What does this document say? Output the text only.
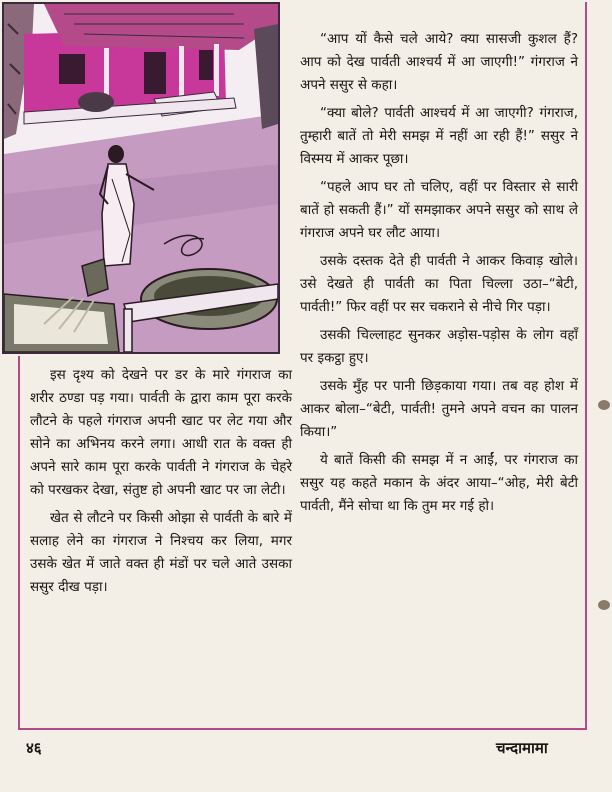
“आप यों कैसे चले आये? क्या सासजी कुशल हैं? आप को देख पार्वती आश्चर्य में आ जाएगी!” गंगराज ने अपने ससुर से कहा।

“क्या बोले? पार्वती आश्चर्य में आ जाएगी? गंगराज, तुम्हारी बातें तो मेरी समझ में नहीं आ रही हैं!” ससुर ने विस्मय में आकर पूछा।

“पहले आप घर तो चलिए, वहीं पर विस्तार से सारी बातें हो सकती हैं।” यों समझाकर अपने ससुर को साथ ले गंगराज अपने घर लौट आया।

उसके दस्तक देते ही पार्वती ने आकर किवाड़ खोले। उसे देखते ही पार्वती का पिता चिल्ला उठा–“बेटी, पार्वती!” फिर वहीं पर सर चकराने से नीचे गिर पड़ा।

उसकी चिल्लाहट सुनकर अड़ोस-पड़ोस के लोग वहाँ पर इकट्ठा हुए।

उसके मुँह पर पानी छिड़काया गया। तब वह होश में आकर बोला–“बेटी, पार्वती! तुमने अपने वचन का पालन किया।”

ये बातें किसी की समझ में न आईं, पर गंगराज का ससुर यह कहते मकान के अंदर आया–“ओह, मेरी बेटी पार्वती, मैंने सोचा था कि तुम मर गई हो।

इस दृश्य को देखने पर डर के मारे गंगराज का शरीर ठण्डा पड़ गया। पार्वती के द्वारा काम पूरा करके लौटने के पहले गंगराज अपनी खाट पर लेट गया और सोने का अभिनय करने लगा। आधी रात के वक्त ही अपने सारे काम पूरा करके पार्वती ने गंगराज के चेहरे को परखकर देखा, संतुष्ट हो अपनी खाट पर जा लेटी।

खेत से लौटने पर किसी ओझा से पार्वती के बारे में सलाह लेने का गंगराज ने निश्चय कर लिया, मगर उसके खेत में जाते वक्त ही मंडों पर चले आते उसका ससुर दीख पड़ा।

४६	चन्दामामा
